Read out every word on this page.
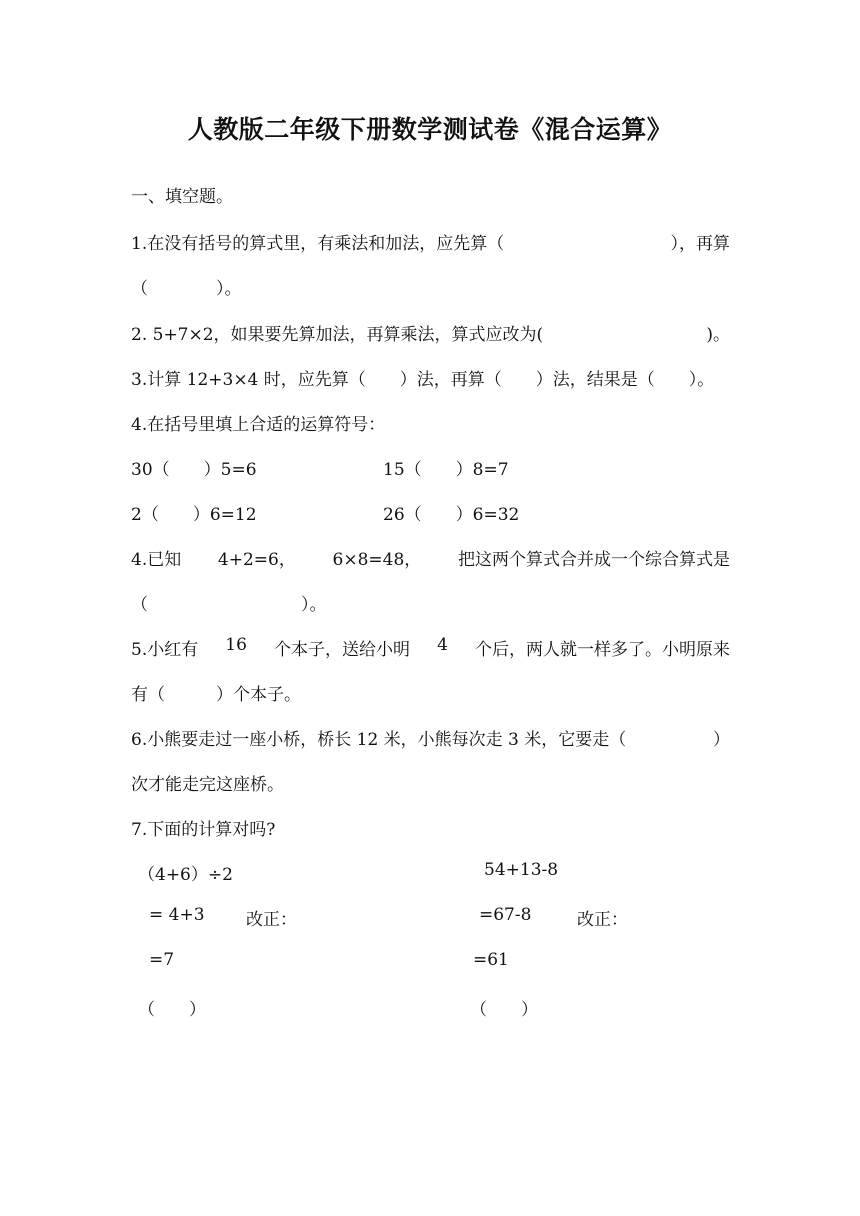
人教版二年级下册数学测试卷《混合运算》
一、填空题。
1.在没有括号的算式里，有乘法和加法，应先算（	），再算
（　　　　）。
2. 5+7×2，如果要先算加法，再算乘法，算式应改为(	)。
3.计算 12+3×4 时，应先算（　　）法，再算（　　）法，结果是（　　）。
4.在括号里填上合适的运算符号：
30（　　）5=6	15（　　）8=7
2（　　）6=12	26（　　）6=32
4.已知 4+2=6， 6×8=48， 把这两个算式合并成一个综合算式是
（　　　　　　　　　）。
5.小红有 16 个本子，送给小明 4 个后，两人就一样多了。小明原来
有（　　　）个本子。
6.小熊要走过一座小桥，桥长 12 米，小熊每次走 3 米，它要走（	）
次才能走完这座桥。
7.下面的计算对吗?
（4+6）÷2
= 4+3 改正：
=7
（　　）
54+13-8
=67-8	改正：
=61
（　　）
